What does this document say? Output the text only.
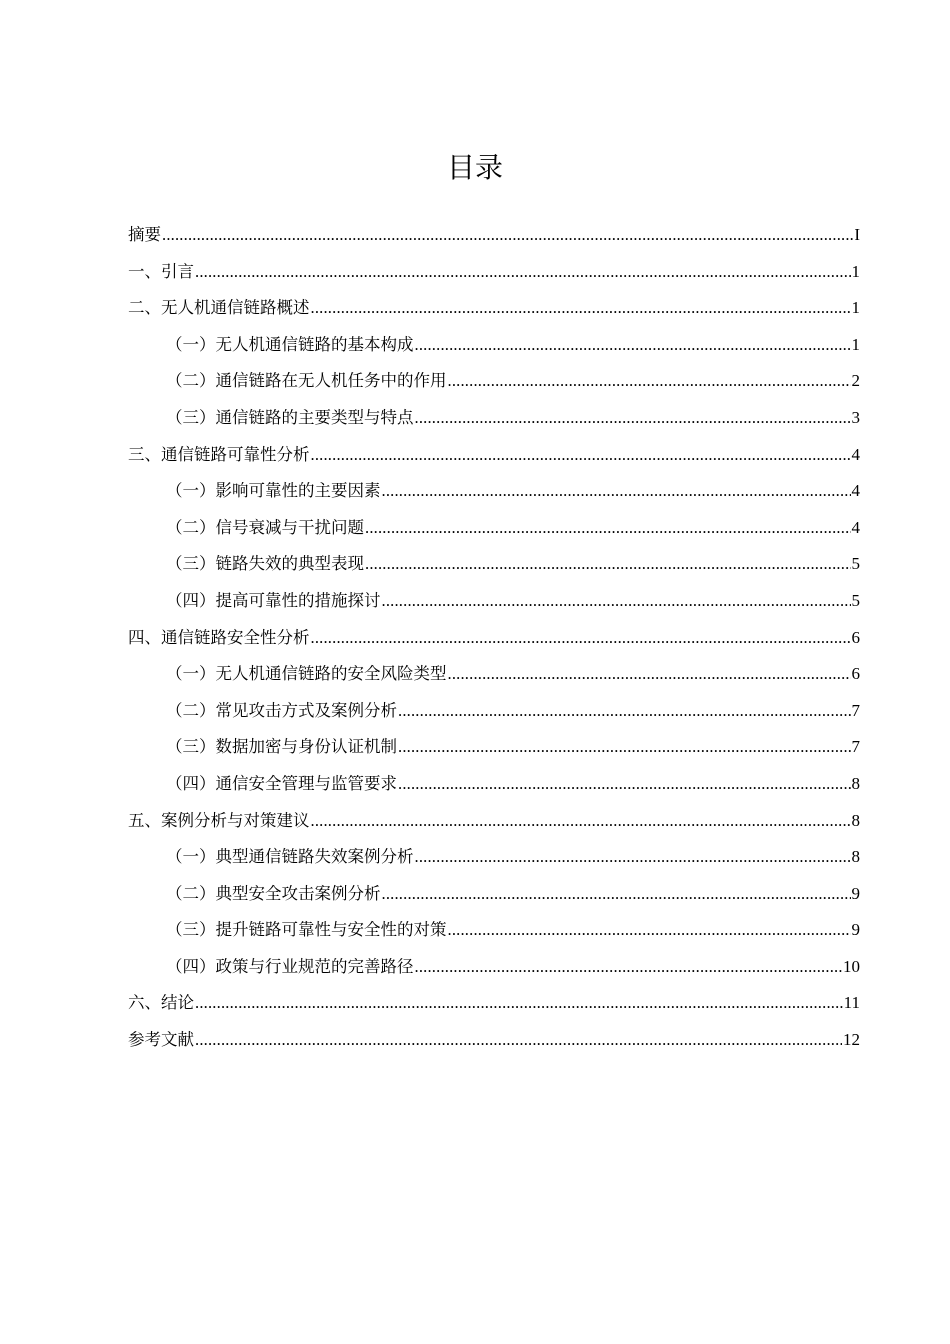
目录
摘要 .....	I
一、引言 .....	1
二、无人机通信链路概述 .....	1
（一）无人机通信链路的基本构成 .....	1
（二）通信链路在无人机任务中的作用 .....	2
（三）通信链路的主要类型与特点 .....	3
三、通信链路可靠性分析 .....	4
（一）影响可靠性的主要因素 .....	4
（二）信号衰减与干扰问题 .....	4
（三）链路失效的典型表现 .....	5
（四）提高可靠性的措施探讨 .....	5
四、通信链路安全性分析 .....	6
（一）无人机通信链路的安全风险类型 .....	6
（二）常见攻击方式及案例分析 .....	7
（三）数据加密与身份认证机制 .....	7
（四）通信安全管理与监管要求 .....	8
五、案例分析与对策建议 .....	8
（一）典型通信链路失效案例分析 .....	8
（二）典型安全攻击案例分析 .....	9
（三）提升链路可靠性与安全性的对策 .....	9
（四）政策与行业规范的完善路径 .....	10
六、结论 .....	11
参考文献 .....	12
